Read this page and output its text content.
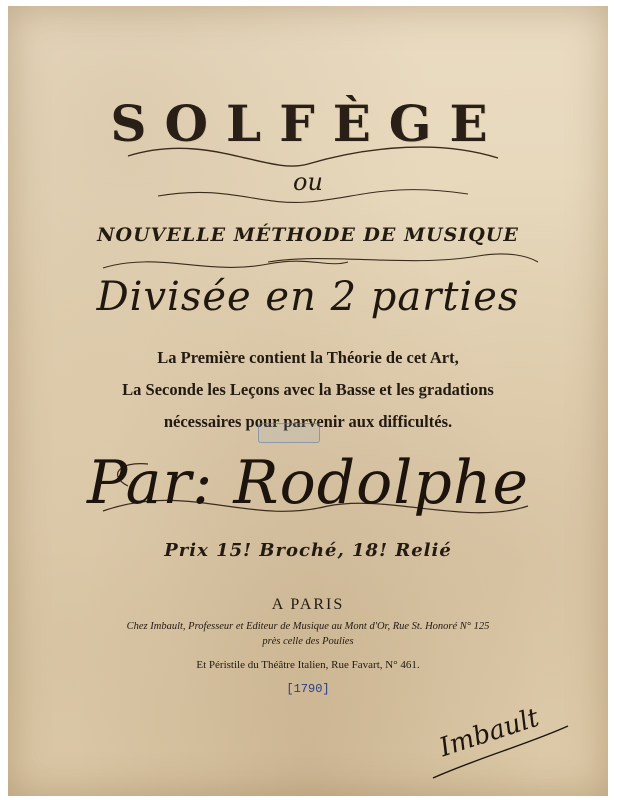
SOLFÈGE
ou
NOUVELLE MÉTHODE DE MUSIQUE
Divisée en 2 parties
La Première contient la Théorie de cet Art,
La Seconde les Leçons avec la Basse et les gradations
nécessaires pour parvenir aux difficultés.
Par: Rodolphe
Prix 15! Broché, 18! Relié
A PARIS
Chez Imbault, Professeur et Editeur de Musique au Mont d'Or, Rue St. Honoré N° 125
près celle des Poulies
Et Péristile du Théâtre Italien, Rue Favart, N° 461.
[1790]
Imbault
